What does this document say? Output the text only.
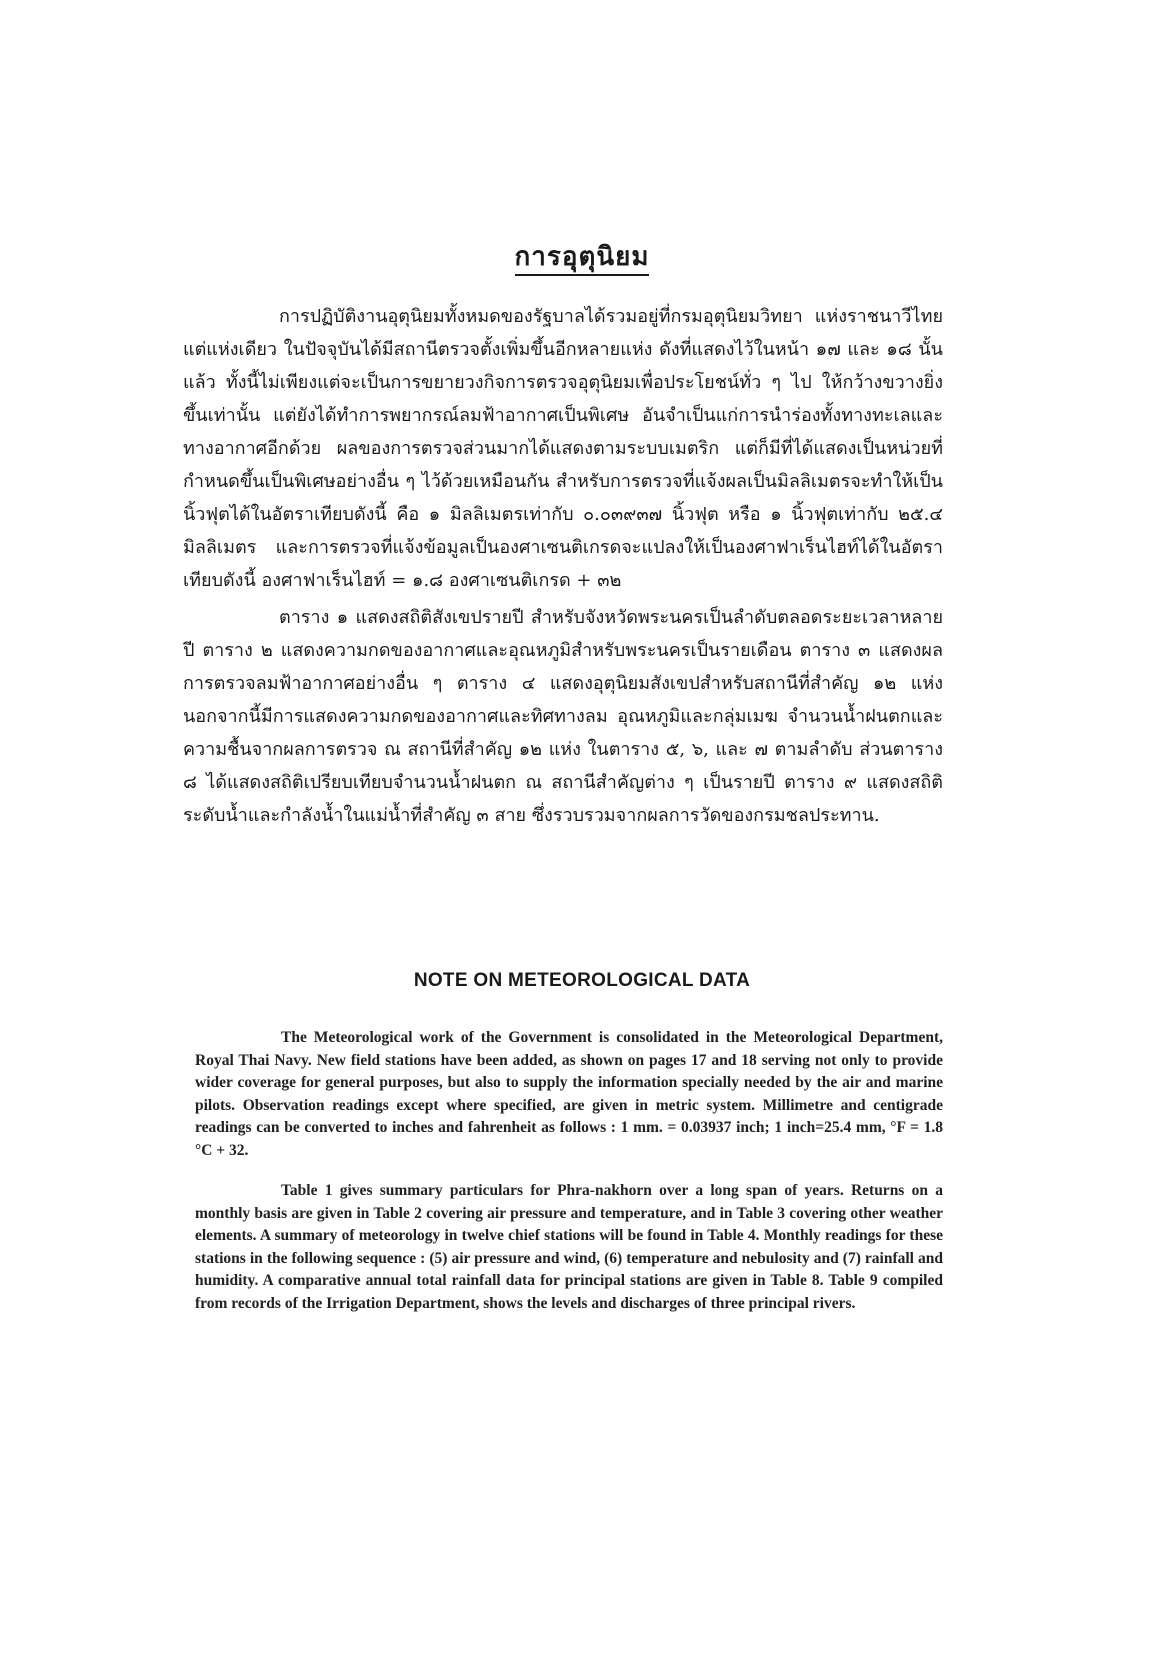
การอุตุนิยม

การปฏิบัติงานอุตุนิยมทั้งหมดของรัฐบาลได้รวมอยู่ที่กรมอุตุนิยมวิทยา แห่งราชนาวีไทยแต่แห่งเดียว ในปัจจุบันได้มีสถานีตรวจตั้งเพิ่มขึ้นอีกหลายแห่ง ดังที่แสดงไว้ในหน้า ๑๗ และ ๑๘ นั้นแล้ว ทั้งนี้ไม่เพียงแต่จะเป็นการขยายวงกิจการตรวจอุตุนิยมเพื่อประโยชน์ทั่ว ๆ ไป ให้กว้างขวางยิ่งขึ้นเท่านั้น แต่ยังได้ทำการพยากรณ์ลมฟ้าอากาศเป็นพิเศษ อันจำเป็นแก่การนำร่องทั้งทางทะเลและทางอากาศอีกด้วย ผลของการตรวจส่วนมากได้แสดงตามระบบเมตริก แต่ก็มีที่ได้แสดงเป็นหน่วยที่กำหนดขึ้นเป็นพิเศษอย่างอื่น ๆ ไว้ด้วยเหมือนกัน สำหรับการตรวจที่แจ้งผลเป็นมิลลิเมตรจะทำให้เป็นนิ้วฟุตได้ในอัตราเทียบดังนี้ คือ ๑ มิลลิเมตรเท่ากับ ๐.๐๓๙๓๗ นิ้วฟุต หรือ ๑ นิ้วฟุตเท่ากับ ๒๕.๔ มิลลิเมตร และการตรวจที่แจ้งข้อมูลเป็นองศาเซนติเกรดจะแปลงให้เป็นองศาฟาเร็นไฮท์ได้ในอัตราเทียบดังนี้ องศาฟาเร็นไฮท์ = ๑.๘ องศาเซนติเกรด + ๓๒

ตาราง ๑ แสดงสถิติสังเขปรายปี สำหรับจังหวัดพระนครเป็นลำดับตลอดระยะเวลาหลายปี ตาราง ๒ แสดงความกดของอากาศและอุณหภูมิสำหรับพระนครเป็นรายเดือน ตาราง ๓ แสดงผลการตรวจลมฟ้าอากาศอย่างอื่น ๆ ตาราง ๔ แสดงอุตุนิยมสังเขปสำหรับสถานีที่สำคัญ ๑๒ แห่ง นอกจากนี้มีการแสดงความกดของอากาศและทิศทางลม อุณหภูมิและกลุ่มเมฆ จำนวนน้ำฝนตกและความชื้นจากผลการตรวจ ณ สถานีที่สำคัญ ๑๒ แห่ง ในตาราง ๕, ๖, และ ๗ ตามลำดับ ส่วนตาราง ๘ ได้แสดงสถิติเปรียบเทียบจำนวนน้ำฝนตก ณ สถานีสำคัญต่าง ๆ เป็นรายปี ตาราง ๙ แสดงสถิติระดับน้ำและกำลังน้ำในแม่น้ำที่สำคัญ ๓ สาย ซึ่งรวบรวมจากผลการวัดของกรมชลประทาน.

NOTE ON METEOROLOGICAL DATA

The Meteorological work of the Government is consolidated in the Meteorological Department, Royal Thai Navy. New field stations have been added, as shown on pages 17 and 18 serving not only to provide wider coverage for general purposes, but also to supply the information specially needed by the air and marine pilots. Observation readings except where specified, are given in metric system. Millimetre and centigrade readings can be converted to inches and fahrenheit as follows : 1 mm. = 0.03937 inch; 1 inch=25.4 mm, °F = 1.8 °C + 32.

Table 1 gives summary particulars for Phra-nakhorn over a long span of years. Returns on a monthly basis are given in Table 2 covering air pressure and temperature, and in Table 3 covering other weather elements. A summary of meteorology in twelve chief stations will be found in Table 4. Monthly readings for these stations in the following sequence : (5) air pressure and wind, (6) temperature and nebulosity and (7) rainfall and humidity. A comparative annual total rainfall data for principal stations are given in Table 8. Table 9 compiled from records of the Irrigation Department, shows the levels and discharges of three principal rivers.
